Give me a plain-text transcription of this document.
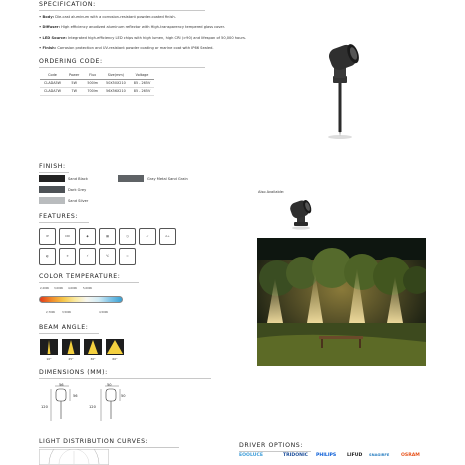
SPECIFICATION:
• Body: Die-cast aluminum with a corrosion-resistant powder-coated finish.
• Diffuser: High efficiency anodized aluminum reflector with High-transparency tempered glass cover.
• LED Source: Integrated high-efficiency LED chips with high lumen, high CRI (>90) and lifespan of 50,000 hours.
• Finish: Corrosion protection and UV-resistant powder coating or marine coat with IP66 Sealed.
ORDERING CODE:
Code	Power	Flux	Size(mm)	Voltage
CLADA5W	5W	500lm	50X50X210	85 - 265V
CLADA7W	7W	700lm	56X56X210	85 - 265V
FINISH:
Sand Black	Gray Metal Sand Grain
Dark Grey
Sand Silver
Also Available:
FEATURES:
IP	CRI	◆	▦	◷	✓	A+
◐	☀	⚡	℃	≈
COLOR TEMPERATURE:
2,200K 3,000K 4,000K 5,000K
2,700K	3,500K	4,500K
BEAM ANGLE:
10°	25°	36°	60°
DIMENSIONS (MM):
56
56
120
50
50
120
LIGHT DISTRIBUTION CURVES:
DRIVER OPTIONS:
EOOLUCE	TRIDONIC PHILIPS LIFUD SNAGIRFE	OSRAM
